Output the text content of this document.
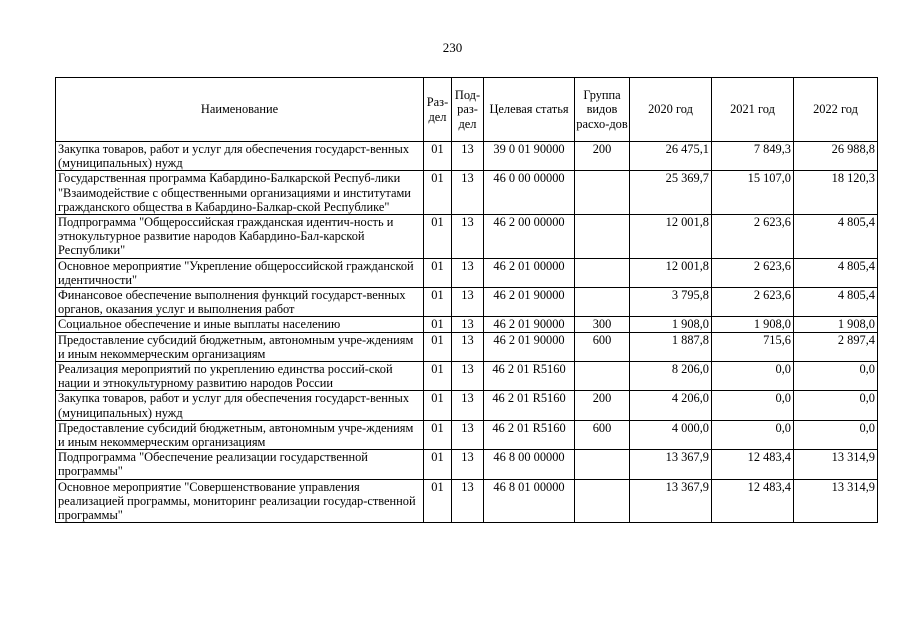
230
Наименование	Раз-дел	Под-раз-дел	Целевая статья	Группа видов расхо-дов	2020 год	2021 год	2022 год
Закупка товаров, работ и услуг для обеспечения государст-венных (муниципальных) нужд	01	13	39 0 01 90000	200	26 475,1	7 849,3	26 988,8
Государственная программа Кабардино-Балкарской Респуб-лики "Взаимодействие с общественными организациями и институтами гражданского общества в Кабардино-Балкар-ской Республике"	01	13	46 0 00 00000		25 369,7	15 107,0	18 120,3
Подпрограмма "Общероссийская гражданская идентич-ность и этнокультурное развитие народов Кабардино-Бал-карской Республики"	01	13	46 2 00 00000		12 001,8	2 623,6	4 805,4
Основное мероприятие "Укрепление общероссийской гражданской идентичности"	01	13	46 2 01 00000		12 001,8	2 623,6	4 805,4
Финансовое обеспечение выполнения функций государст-венных органов, оказания услуг и выполнения работ	01	13	46 2 01 90000		3 795,8	2 623,6	4 805,4
Социальное обеспечение и иные выплаты населению	01	13	46 2 01 90000	300	1 908,0	1 908,0	1 908,0
Предоставление субсидий бюджетным, автономным учре-ждениям и иным некоммерческим организациям	01	13	46 2 01 90000	600	1 887,8	715,6	2 897,4
Реализация мероприятий по укреплению единства россий-ской нации и этнокультурному развитию народов России	01	13	46 2 01 R5160		8 206,0	0,0	0,0
Закупка товаров, работ и услуг для обеспечения государст-венных (муниципальных) нужд	01	13	46 2 01 R5160	200	4 206,0	0,0	0,0
Предоставление субсидий бюджетным, автономным учре-ждениям и иным некоммерческим организациям	01	13	46 2 01 R5160	600	4 000,0	0,0	0,0
Подпрограмма "Обеспечение реализации государственной программы"	01	13	46 8 00 00000		13 367,9	12 483,4	13 314,9
Основное мероприятие "Совершенствование управления реализацией программы, мониторинг реализации государ-ственной программы"	01	13	46 8 01 00000		13 367,9	12 483,4	13 314,9
